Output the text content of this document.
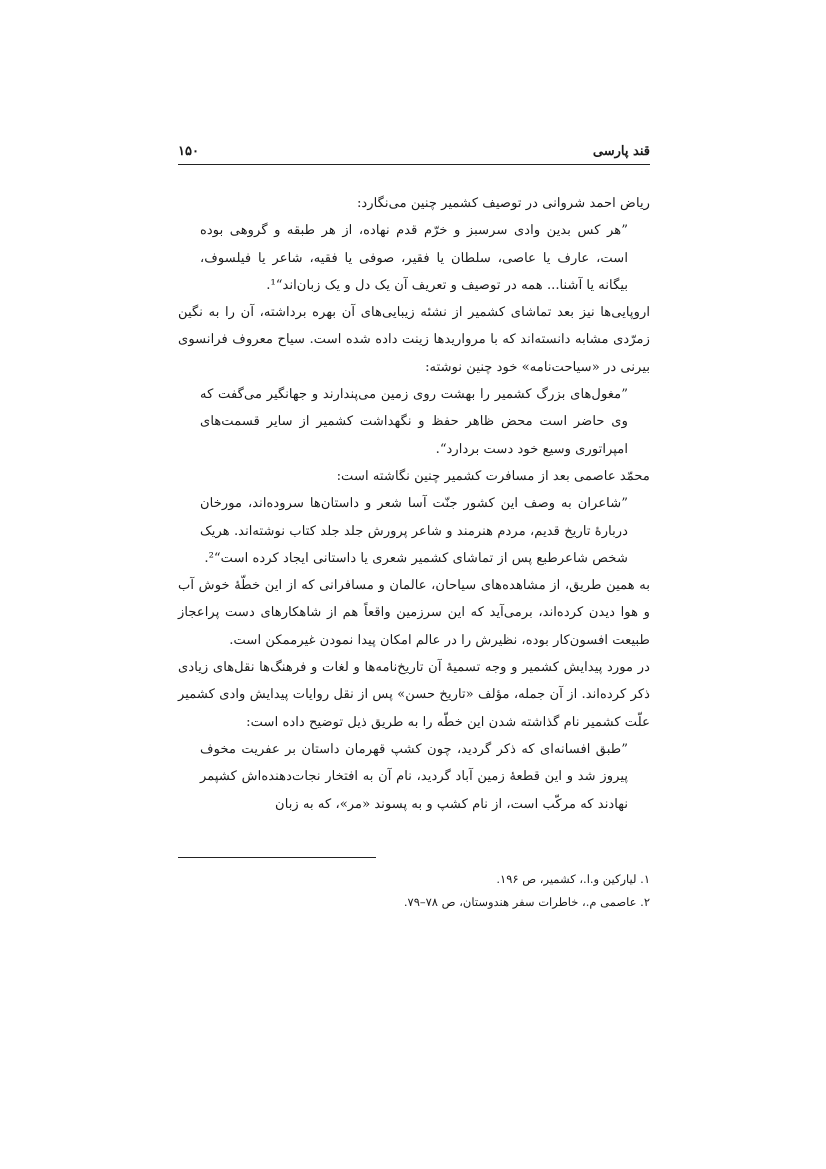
قند پارسی
۱۵۰

ریاض احمد شروانی در توصیف کشمیر چنین می‌نگارد:

”هر کس بدین وادی سرسبز و خرّم قدم نهاده، از هر طبقه و گروهی بوده است، عارف یا عاصی، سلطان یا فقیر، صوفی یا فقیه، شاعر یا فیلسوف، بیگانه یا آشنا... همه در توصیف و تعریف آن یک دل و یک زبان‌اند“¹.

اروپایی‌ها نیز بعد تماشای کشمیر از نشئه زیبایی‌های آن بهره برداشته، آن را به نگین زمرّدی مشابه دانسته‌اند که با مرواریدها زینت داده شده است. سیاح معروف فرانسوی بیرنی در «سیاحت‌نامه» خود چنین نوشته:

”مغول‌های بزرگ کشمیر را بهشت روی زمین می‌پندارند و جهانگیر می‌گفت که وی حاضر است محض ظاهر حفظ و نگهداشت کشمیر از سایر قسمت‌های امپراتوری وسیع خود دست بردارد“.

محمّد عاصمی بعد از مسافرت کشمیر چنین نگاشته است:

”شاعران به وصف این کشور جنّت آسا شعر و داستان‌ها سروده‌اند، مورخان دربارهٔ تاریخ قدیم، مردم هنرمند و شاعر پرورش جلد جلد کتاب نوشته‌اند. هریک شخص شاعرطبع پس از تماشای کشمیر شعری یا داستانی ایجاد کرده است“².

به همین طریق، از مشاهده‌های سیاحان، عالمان و مسافرانی که از این خطّهٔ خوش آب و هوا دیدن کرده‌اند، برمی‌آید که این سرزمین واقعاً هم از شاهکارهای دست پراعجاز طبیعت افسون‌کار بوده، نظیرش را در عالم امکان پیدا نمودن غیرممکن است.

در مورد پیدایش کشمیر و وجه تسمیهٔ آن تاریخ‌نامه‌ها و لغات و فرهنگ‌ها نقل‌های زیادی ذکر کرده‌اند. از آن جمله، مؤلف «تاریخ حسن» پس از نقل روایات پیدایش وادی کشمیر علّت کشمیر نام گذاشته شدن این خطّه را به طریق ذیل توضیح داده است:

”طبق افسانه‌ای که ذکر گردید، چون کشپ قهرمان داستان بر عفریت مخوف پیروز شد و این قطعهٔ زمین آباد گردید، نام آن به افتخار نجات‌دهنده‌اش کشپمر نهادند که مرکّب است، از نام کشپ و به پسوند «مر»، که به زبان

۱. لیارکین و.ا.، کشمیر، ص ۱۹۶.
۲. عاصمی م.، خاطرات سفر هندوستان، ص ۷۸–۷۹.
